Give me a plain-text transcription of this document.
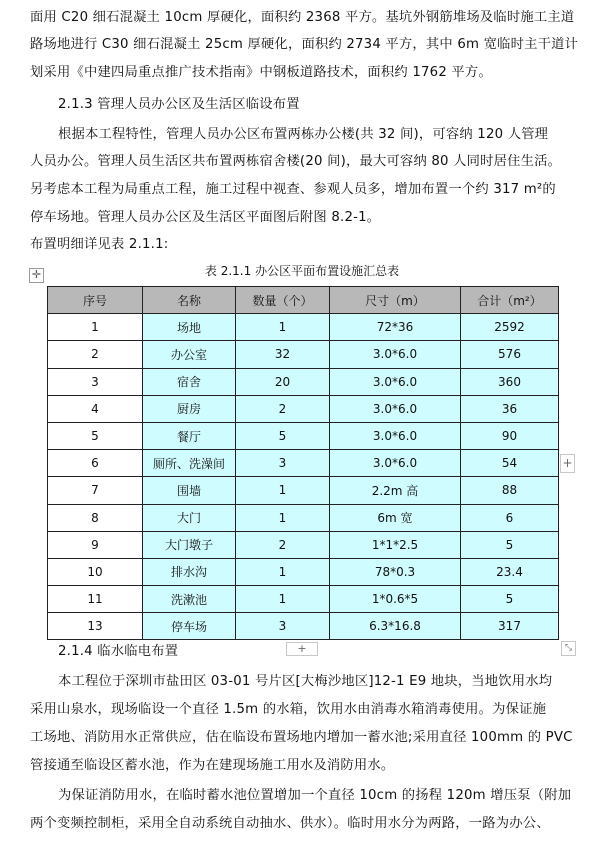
面用 C20 细石混凝土 10cm 厚硬化，面积约 2368 平方。基坑外钢筋堆场及临时施工主道

路场地进行 C30 细石混凝土 25cm 厚硬化，面积约 2734 平方，其中 6m 宽临时主干道计

划采用《中建四局重点推广技术指南》中钢板道路技术，面积约 1762 平方。

2.1.3 管理人员办公区及生活区临设布置

根据本工程特性，管理人员办公区布置两栋办公楼(共 32 间)，可容纳 120 人管理

人员办公。管理人员生活区共布置两栋宿舍楼(20 间)，最大可容纳 80 人同时居住生活。

另考虑本工程为局重点工程，施工过程中视查、参观人员多，增加布置一个约 317 m²的

停车场地。管理人员办公区及生活区平面图后附图 8.2-1。

布置明细详见表 2.1.1:

表 2.1.1 办公区平面布置设施汇总表
✛
序号	名称	数量（个）	尺寸（m）	合计（m²）
1	场地	1	72*36	2592
2	办公室	32	3.0*6.0	576
3	宿舍	20	3.0*6.0	360
4	厨房	2	3.0*6.0	36
5	餐厅	5	3.0*6.0	90
6	厕所、洗澡间	3	3.0*6.0	54
7	围墙	1	2.2m 高	88
8	大门	1	6m 宽	6
9	大门墩子	2	1*1*2.5	5
10	排水沟	1	78*0.3	23.4
11	洗漱池	1	1*0.6*5	5
13	停车场	3	6.3*16.8	317
+
+	⤡

2.1.4 临水临电布置

本工程位于深圳市盐田区 03-01 号片区[大梅沙地区]12-1 E9 地块，当地饮用水均

采用山泉水，现场临设一个直径 1.5m 的水箱，饮用水由消毒水箱消毒使用。为保证施

工场地、消防用水正常供应，估在临设布置场地内增加一蓄水池;采用直径 100mm 的 PVC

管接通至临设区蓄水池，作为在建现场施工用水及消防用水。

为保证消防用水，在临时蓄水池位置增加一个直径 10cm 的扬程 120m 增压泵（附加

两个变频控制柜，采用全自动系统自动抽水、供水）。临时用水分为两路，一路为办公、
